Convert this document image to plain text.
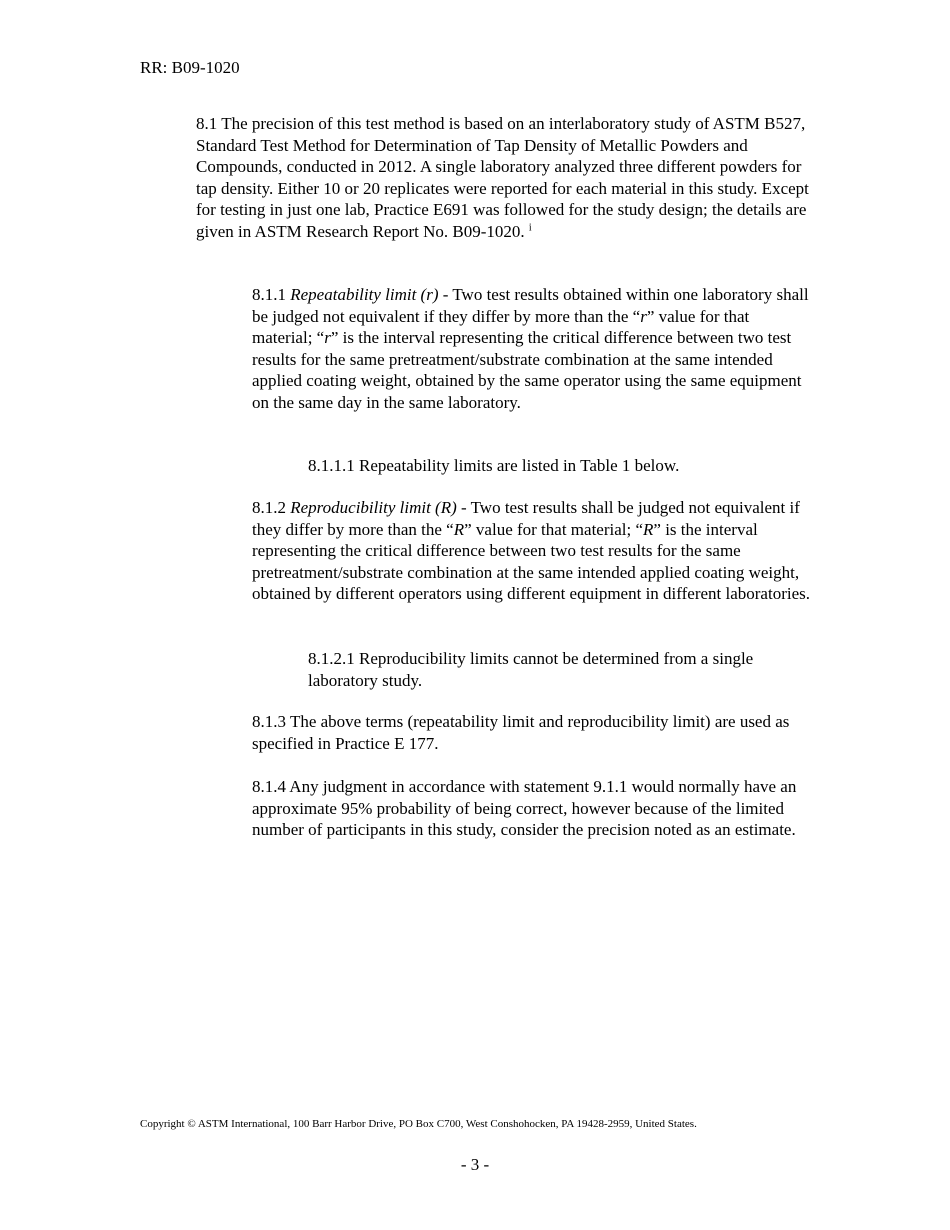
RR: B09-1020

8.1 The precision of this test method is based on an interlaboratory study of ASTM B527, Standard Test Method for Determination of Tap Density of Metallic Powders and Compounds, conducted in 2012. A single laboratory analyzed three different powders for tap density. Either 10 or 20 replicates were reported for each material in this study. Except for testing in just one lab, Practice E691 was followed for the study design; the details are given in ASTM Research Report No. B09-1020. $^i$

8.1.1 Repeatability limit (r) - Two test results obtained within one laboratory shall be judged not equivalent if they differ by more than the “r” value for that material; “r” is the interval representing the critical difference between two test results for the same pretreatment/substrate combination at the same intended applied coating weight, obtained by the same operator using the same equipment on the same day in the same laboratory.

8.1.1.1 Repeatability limits are listed in Table 1 below.

8.1.2 Reproducibility limit (R) - Two test results shall be judged not equivalent if they differ by more than the “R” value for that material; “R” is the interval representing the critical difference between two test results for the same pretreatment/substrate combination at the same intended applied coating weight, obtained by different operators using different equipment in different laboratories.

8.1.2.1 Reproducibility limits cannot be determined from a single laboratory study.

8.1.3 The above terms (repeatability limit and reproducibility limit) are used as specified in Practice E 177.

8.1.4 Any judgment in accordance with statement 9.1.1 would normally have an approximate 95% probability of being correct, however because of the limited number of participants in this study, consider the precision noted as an estimate.

Copyright © ASTM International, 100 Barr Harbor Drive, PO Box C700, West Conshohocken, PA 19428-2959, United States.

- 3 -
